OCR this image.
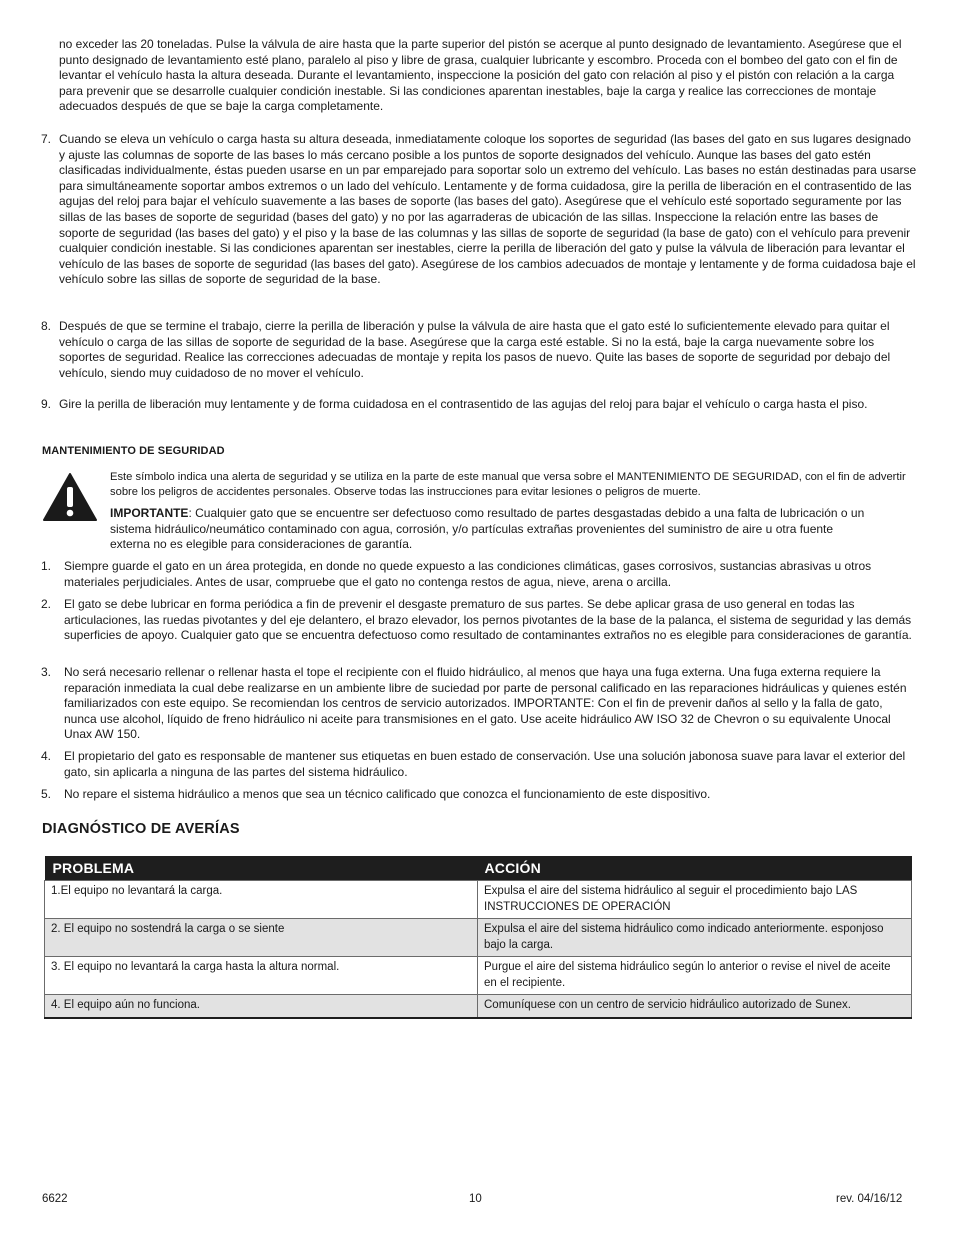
no exceder las 20 toneladas. Pulse la válvula de aire hasta que la parte superior del pistón se acerque al punto designado de levantamiento. Asegúrese que el punto designado de levantamiento esté plano, paralelo al piso y libre de grasa, cualquier lubricante y escombro. Proceda con el bombeo del gato con el fin de levantar el vehículo hasta la altura deseada. Durante el levantamiento, inspeccione la posición del gato con relación al piso y el pistón con relación a la carga para prevenir que se desarrolle cualquier condición inestable. Si las condiciones aparentan inestables, baje la carga y realice las correcciones de montaje adecuados después de que se baje la carga completamente.

7. Cuando se eleva un vehículo o carga hasta su altura deseada, inmediatamente coloque los soportes de seguridad (las bases del gato en sus lugares designado y ajuste las columnas de soporte de las bases lo más cercano posible a los puntos de soporte designados del vehículo. Aunque las bases del gato estén clasificadas individualmente, éstas pueden usarse en un par emparejado para soportar solo un extremo del vehículo. Las bases no están destinadas para usarse para simultáneamente soportar ambos extremos o un lado del vehículo. Lentamente y de forma cuidadosa, gire la perilla de liberación en el contrasentido de las agujas del reloj para bajar el vehículo suavemente a las bases de soporte (las bases del gato). Asegúrese que el vehículo esté soportado seguramente por las sillas de las bases de soporte de seguridad (bases del gato) y no por las agarraderas de ubicación de las sillas. Inspeccione la relación entre las bases de soporte de seguridad (las bases del gato) y el piso y la base de las columnas y las sillas de soporte de seguridad (la base de gato) con el vehículo para prevenir cualquier condición inestable. Si las condiciones aparentan ser inestables, cierre la perilla de liberación del gato y pulse la válvula de liberación para levantar el vehículo de las bases de soporte de seguridad (las bases del gato). Asegúrese de los cambios adecuados de montaje y lentamente y de forma cuidadosa baje el vehículo sobre las sillas de soporte de seguridad de la base.
8. Después de que se termine el trabajo, cierre la perilla de liberación y pulse la válvula de aire hasta que el gato esté lo suficientemente elevado para quitar el vehículo o carga de las sillas de soporte de seguridad de la base. Asegúrese que la carga esté estable. Si no la está, baje la carga nuevamente sobre los soportes de seguridad. Realice las correcciones adecuadas de montaje y repita los pasos de nuevo. Quite las bases de soporte de seguridad por debajo del vehículo, siendo muy cuidadoso de no mover el vehículo.
9. Gire la perilla de liberación muy lentamente y de forma cuidadosa en el contrasentido de las agujas del reloj para bajar el vehículo o carga hasta el piso.
MANTENIMIENTO DE SEGURIDAD

Este símbolo indica una alerta de seguridad y se utiliza en la parte de este manual que versa sobre el MANTENIMIENTO DE SEGURIDAD, con el fin de advertir sobre los peligros de accidentes personales. Observe todas las instrucciones para evitar lesiones o peligros de muerte.

IMPORTANTE: Cualquier gato que se encuentre ser defectuoso como resultado de partes desgastadas debido a una falta de lubricación o un sistema hidráulico/neumático contaminado con agua, corrosión, y/o partículas extrañas provenientes del suministro de aire u otra fuente externa no es elegible para consideraciones de garantía.

1. Siempre guarde el gato en un área protegida, en donde no quede expuesto a las condiciones climáticas, gases corrosivos, sustancias abrasivas u otros materiales perjudiciales. Antes de usar, compruebe que el gato no contenga restos de agua, nieve, arena o arcilla.
2. El gato se debe lubricar en forma periódica a fin de prevenir el desgaste prematuro de sus partes. Se debe aplicar grasa de uso general en todas las articulaciones, las ruedas pivotantes y del eje delantero, el brazo elevador, los pernos pivotantes de la base de la palanca, el sistema de seguridad y las demás superficies de apoyo. Cualquier gato que se encuentra defectuoso como resultado de contaminantes extraños no es elegible para consideraciones de garantía.
3. No será necesario rellenar o rellenar hasta el tope el recipiente con el fluido hidráulico, al menos que haya una fuga externa. Una fuga externa requiere la reparación inmediata la cual debe realizarse en un ambiente libre de suciedad por parte de personal calificado en las reparaciones hidráulicas y quienes estén familiarizados con este equipo. Se recomiendan los centros de servicio autorizados. IMPORTANTE: Con el fin de prevenir daños al sello y la falla de gato, nunca use alcohol, líquido de freno hidráulico ni aceite para transmisiones en el gato. Use aceite hidráulico AW ISO 32 de Chevron o su equivalente Unocal Unax AW 150.
4. El propietario del gato es responsable de mantener sus etiquetas en buen estado de conservación. Use una solución jabonosa suave para lavar el exterior del gato, sin aplicarla a ninguna de las partes del sistema hidráulico.
5. No repare el sistema hidráulico a menos que sea un técnico calificado que conozca el funcionamiento de este dispositivo.
DIAGNÓSTICO DE AVERÍAS
PROBLEMA	ACCIÓN
1.El equipo no levantará la carga.	Expulsa el aire del sistema hidráulico al seguir el procedimiento bajo LAS INSTRUCCIONES DE OPERACIÓN
2. El equipo no sostendrá la carga o se siente	Expulsa el aire del sistema hidráulico como indicado anteriormente. esponjoso bajo la carga.
3. El equipo no levantará la carga hasta la altura normal.	Purgue el aire del sistema hidráulico según lo anterior o revise el nivel de aceite en el recipiente.
4. El equipo aún no funciona.	Comuníquese con un centro de servicio hidráulico autorizado de Sunex.

6622	10	rev. 04/16/12
